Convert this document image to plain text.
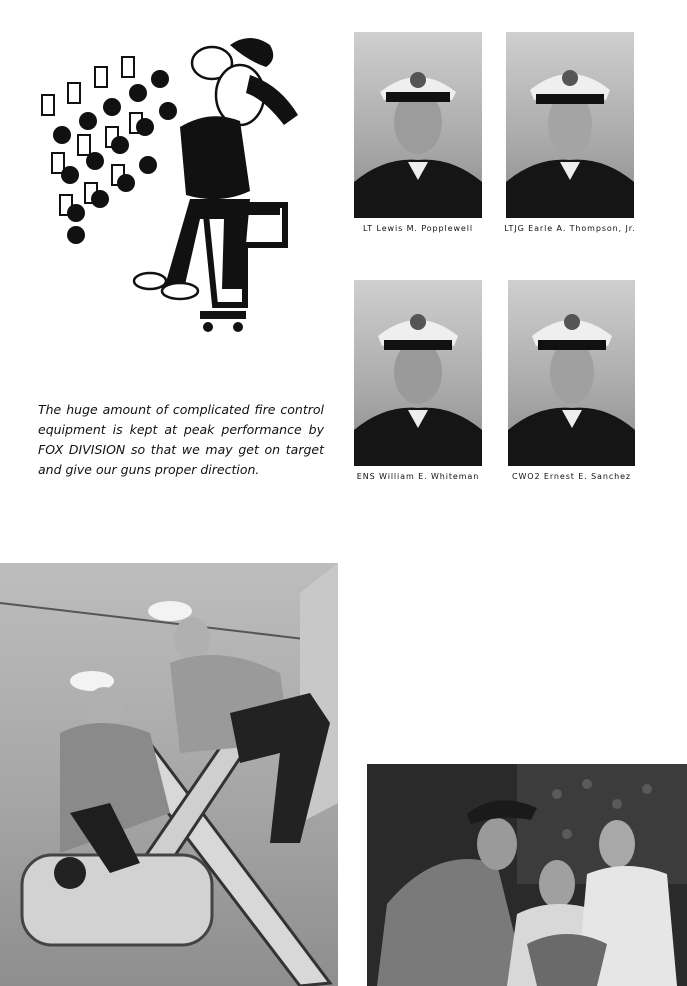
LT Lewis M. Popplewell	LTJG Earle A. Thompson, Jr.
ENS William E. Whiteman	CWO2 Ernest E. Sanchez
The huge amount of complicated fire control equipment is kept at peak performance by FOX DIVISION so that we may get on target and give our guns proper direction.
